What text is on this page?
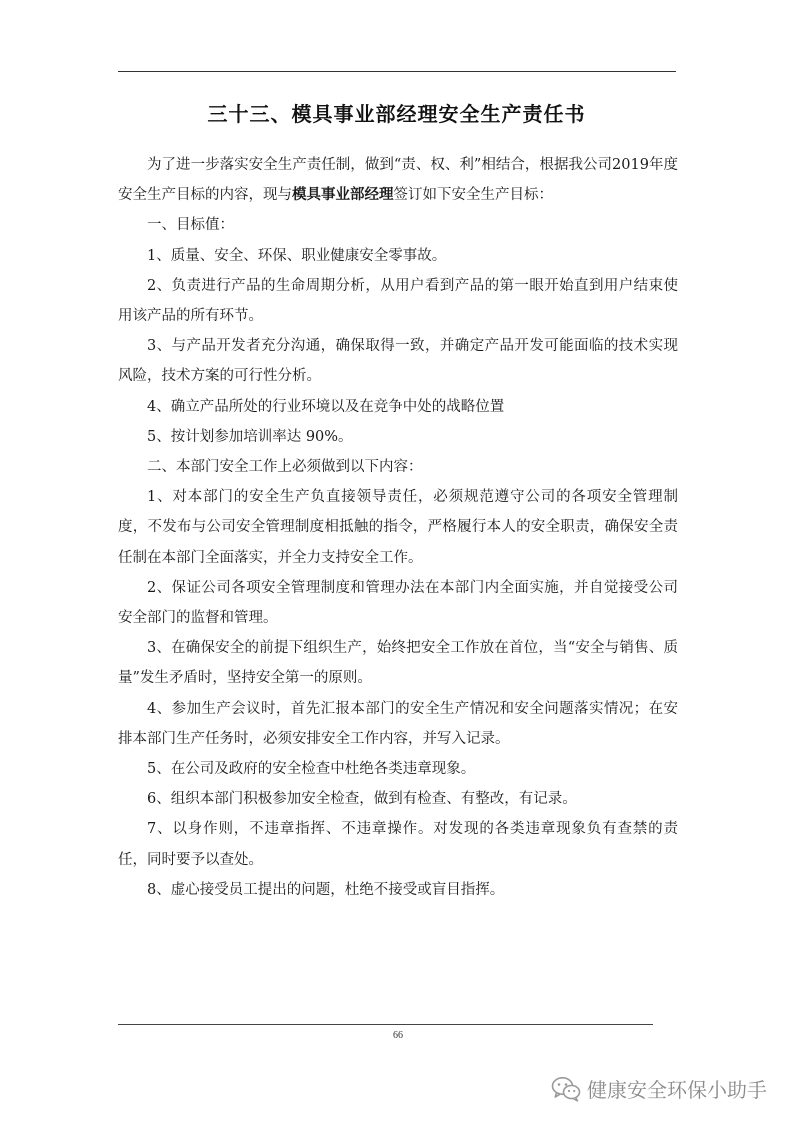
三十三、模具事业部经理安全生产责任书

为了进一步落实安全生产责任制，做到“责、权、利”相结合，根据我公司2019年度安全生产目标的内容，现与模具事业部经理签订如下安全生产目标：

一、目标值：

1、质量、安全、环保、职业健康安全零事故。

2、负责进行产品的生命周期分析，从用户看到产品的第一眼开始直到用户结束使用该产品的所有环节。

3、与产品开发者充分沟通，确保取得一致，并确定产品开发可能面临的技术实现风险，技术方案的可行性分析。

4、确立产品所处的行业环境以及在竞争中处的战略位置

5、按计划参加培训率达 90%。

二、本部门安全工作上必须做到以下内容：

1、对本部门的安全生产负直接领导责任，必须规范遵守公司的各项安全管理制度，不发布与公司安全管理制度相抵触的指令，严格履行本人的安全职责，确保安全责任制在本部门全面落实，并全力支持安全工作。

2、保证公司各项安全管理制度和管理办法在本部门内全面实施，并自觉接受公司安全部门的监督和管理。

3、在确保安全的前提下组织生产，始终把安全工作放在首位，当“安全与销售、质量”发生矛盾时，坚持安全第一的原则。

4、参加生产会议时，首先汇报本部门的安全生产情况和安全问题落实情况；在安排本部门生产任务时，必须安排安全工作内容，并写入记录。

5、在公司及政府的安全检查中杜绝各类违章现象。

6、组织本部门积极参加安全检查，做到有检查、有整改，有记录。

7、以身作则，不违章指挥、不违章操作。对发现的各类违章现象负有查禁的责任，同时要予以查处。

8、虚心接受员工提出的问题，杜绝不接受或盲目指挥。

66
健康安全环保小助手
